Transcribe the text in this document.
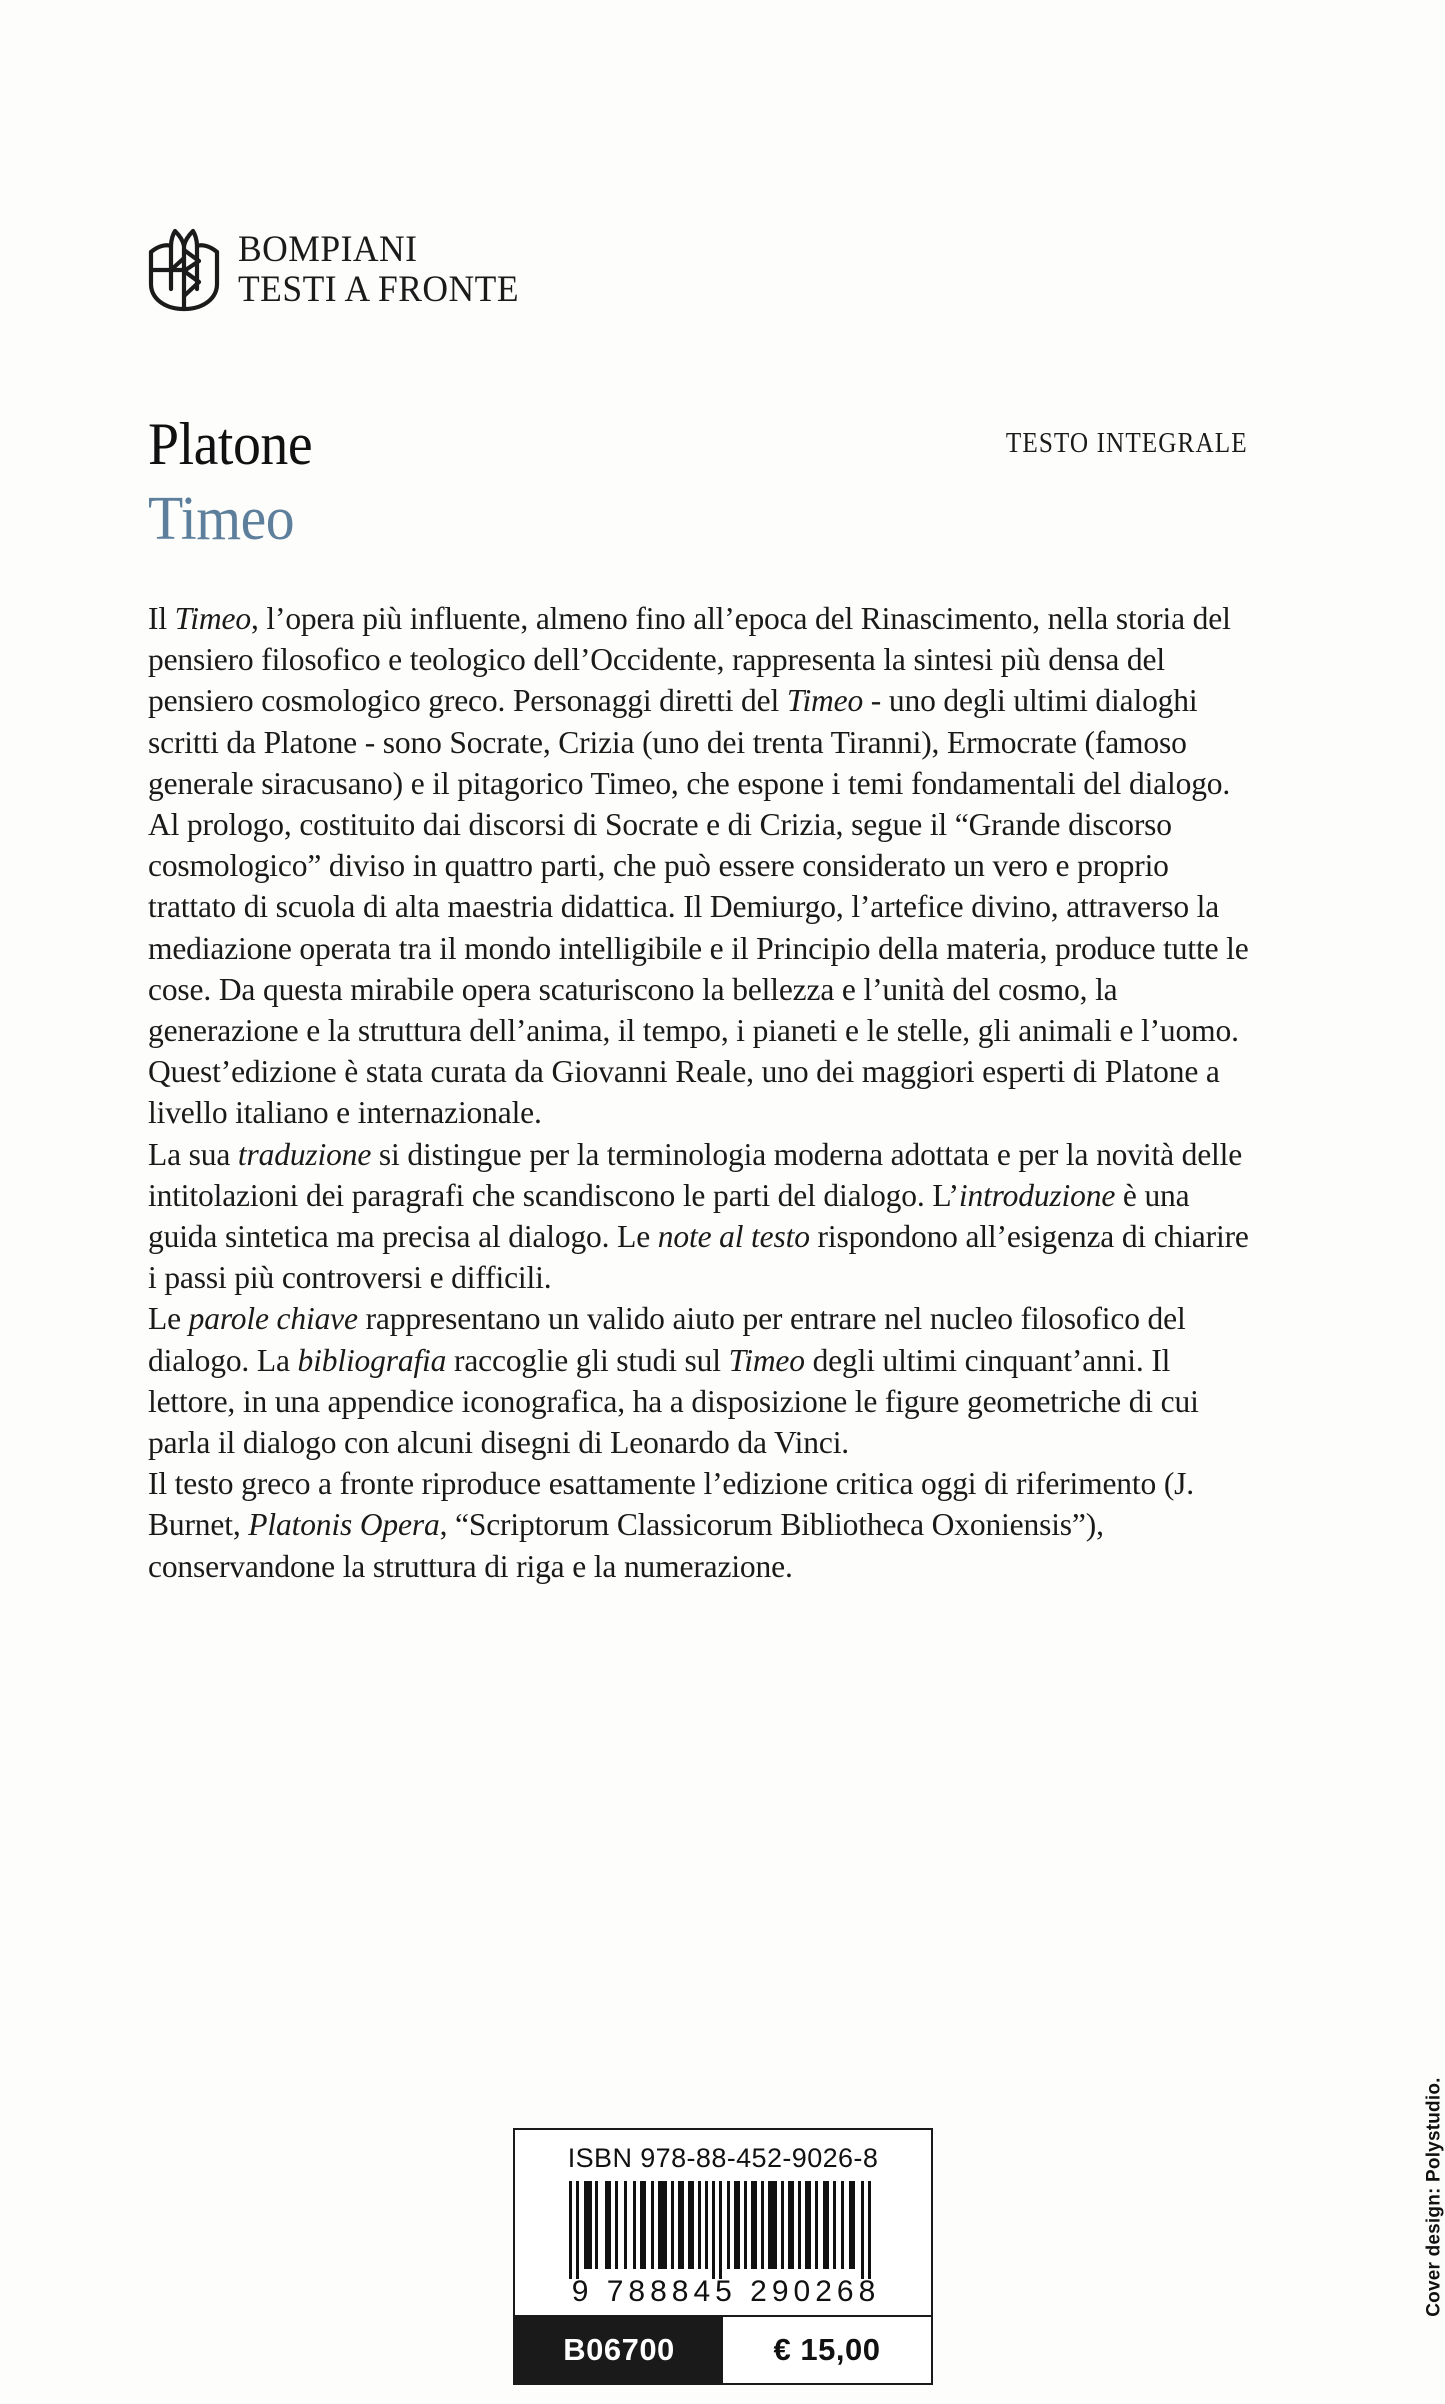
BOMPIANI
TESTI A FRONTE
Platone
Timeo
TESTO INTEGRALE

Il Timeo, l’opera più influente, almeno fino all’epoca del Rinascimento, nella storia del pensiero filosofico e teologico dell’Occidente, rappresenta la sintesi più densa del pensiero cosmologico greco. Personaggi diretti del Timeo - uno degli ultimi dialoghi scritti da Platone - sono Socrate, Crizia (uno dei trenta Tiranni), Ermocrate (famoso generale siracusano) e il pitagorico Timeo, che espone i temi fondamentali del dialogo.

Al prologo, costituito dai discorsi di Socrate e di Crizia, segue il “Grande discorso cosmologico” diviso in quattro parti, che può essere considerato un vero e proprio trattato di scuola di alta maestria didattica. Il Demiurgo, l’artefice divino, attraverso la mediazione operata tra il mondo intelligibile e il Principio della materia, produce tutte le cose. Da questa mirabile opera scaturiscono la bellezza e l’unità del cosmo, la generazione e la struttura dell’anima, il tempo, i pianeti e le stelle, gli animali e l’uomo. Quest’edizione è stata curata da Giovanni Reale, uno dei maggiori esperti di Platone a livello italiano e internazionale.

La sua traduzione si distingue per la terminologia moderna adottata e per la novità delle intitolazioni dei paragrafi che scandiscono le parti del dialogo. L’introduzione è una guida sintetica ma precisa al dialogo. Le note al testo rispondono all’esigenza di chiarire i passi più controversi e difficili.

Le parole chiave rappresentano un valido aiuto per entrare nel nucleo filosofico del dialogo. La bibliografia raccoglie gli studi sul Timeo degli ultimi cinquant’anni. Il lettore, in una appendice iconografica, ha a disposizione le figure geometriche di cui parla il dialogo con alcuni disegni di Leonardo da Vinci.

Il testo greco a fronte riproduce esattamente l’edizione critica oggi di riferimento (J. Burnet, Platonis Opera, “Scriptorum Classicorum Bibliotheca Oxoniensis”), conservandone la struttura di riga e la numerazione.

Cover design: Polystudio.
ISBN 978-88-452-9026-8
9 788845 290268
B06700	€ 15,00
